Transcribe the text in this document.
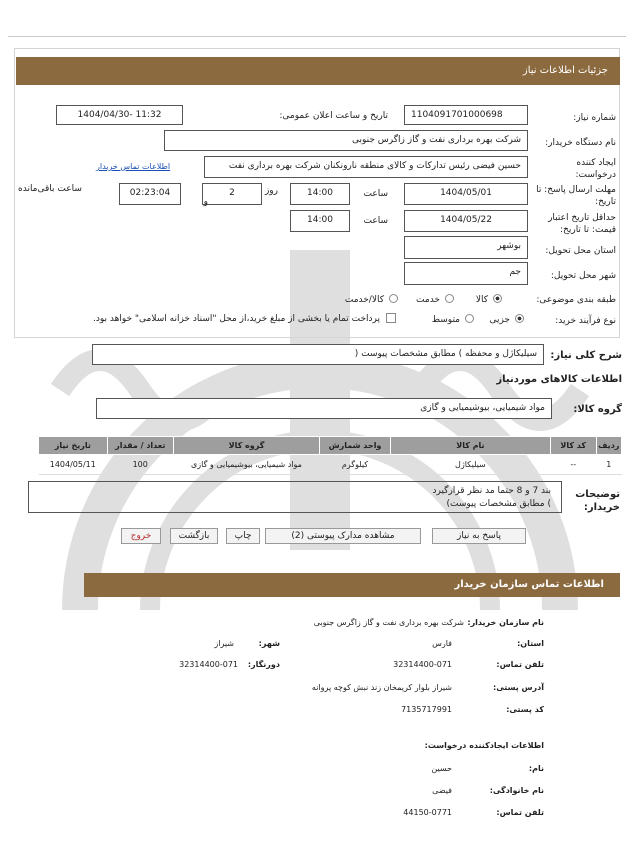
جزئیات اطلاعات نیاز
شماره نیاز:
1104091701000698
تاریخ و ساعت اعلان عمومی:
1404/04/30- 11:32
نام دستگاه خریدار:
شرکت بهره برداری نفت و گاز زاگرس جنوبی
ایجاد کننده درخواست:
حسین فیضی رئیس تدارکات و کالای منطقه نارونکنان شرکت بهره برداری نفت
اطلاعات تماس خریدار
مهلت ارسال پاسخ: تا تاریخ:
1404/05/01
ساعت
14:00
روز
2
و
ساعت باقی‌مانده	02:23:04
حداقل تاریخ اعتبار قیمت: تا تاریخ:
1404/05/22
ساعت
14:00
استان محل تحویل:
بوشهر
شهر محل تحویل:
جم
طبقه بندی موضوعی:
کالا
خدمت
کالا/خدمت
نوع فرآیند خرید:
جزیی
متوسط
پرداخت تمام یا بخشی از مبلغ خرید،از محل "اسناد خزانه اسلامی" خواهد بود.
شرح کلی نیاز:
سیلیکاژل و محفظه ) مطابق مشخصات پیوست (
اطلاعات کالاهای موردنیاز
گروه کالا:
مواد شیمیایی، بیوشیمیایی و گازی
ردیف	کد کالا	نام کالا	واحد شمارش	گروه کالا	تعداد / مقدار	تاریخ نیاز
1	--	سیلیکاژل	کیلوگرم	مواد شیمیایی، بیوشیمیایی و گازی	100	1404/05/11
توضیحات خریدار:
بند 7 و 8 حتما مد نظر قرارگیرد
) مطابق مشخصات پیوست)
پاسخ به نیاز
مشاهده مدارک پیوستی (2)
چاپ
بازگشت
خروج
اطلاعات تماس سازمان خریدار
نام سازمان خریدار:
شرکت بهره برداری نفت و گاز زاگرس جنوبی
استان:
فارس
شهر:
شیراز
تلفن تماس:
32314400-071
دورنگار:
32314400-071
آدرس پستی:
شیراز بلوار کریمخان زند نبش کوچه پروانه
کد پستی:
7135717991
اطلاعات ایجادکننده درخواست:
نام:
حسین
نام خانوادگی:
فیضی
تلفن تماس:
44150-0771
